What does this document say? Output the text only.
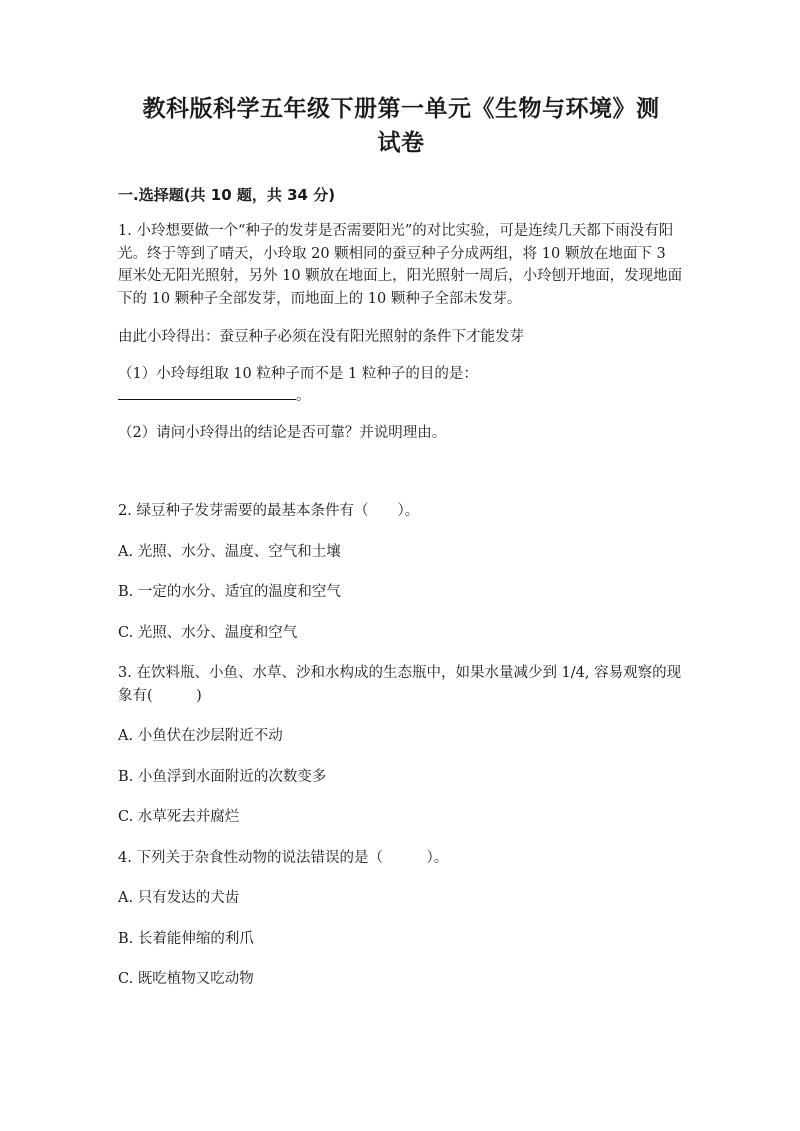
教科版科学五年级下册第一单元《生物与环境》测
试卷

一.选择题(共 10 题，共 34 分)

1. 小玲想要做一个“种子的发芽是否需要阳光”的对比实验，可是连续几天都下雨没有阳光。终于等到了晴天，小玲取 20 颗相同的蚕豆种子分成两组，将 10 颗放在地面下 3 厘米处无阳光照射，另外 10 颗放在地面上，阳光照射一周后，小玲刨开地面，发现地面下的 10 颗种子全部发芽，而地面上的 10 颗种子全部未发芽。

由此小玲得出：蚕豆种子必须在没有阳光照射的条件下才能发芽

（1）小玲每组取 10 粒种子而不是 1 粒种子的目的是：

。

（2）请问小玲得出的结论是否可靠？并说明理由。

2. 绿豆种子发芽需要的最基本条件有（　　）。

A. 光照、水分、温度、空气和土壤

B. 一定的水分、适宜的温度和空气

C. 光照、水分、温度和空气

3. 在饮料瓶、小鱼、水草、沙和水构成的生态瓶中，如果水量减少到 1/4, 容易观察的现象有(　　　)

A. 小鱼伏在沙层附近不动

B. 小鱼浮到水面附近的次数变多

C. 水草死去并腐烂

4. 下列关于杂食性动物的说法错误的是（　　　）。

A. 只有发达的犬齿

B. 长着能伸缩的利爪

C. 既吃植物又吃动物
